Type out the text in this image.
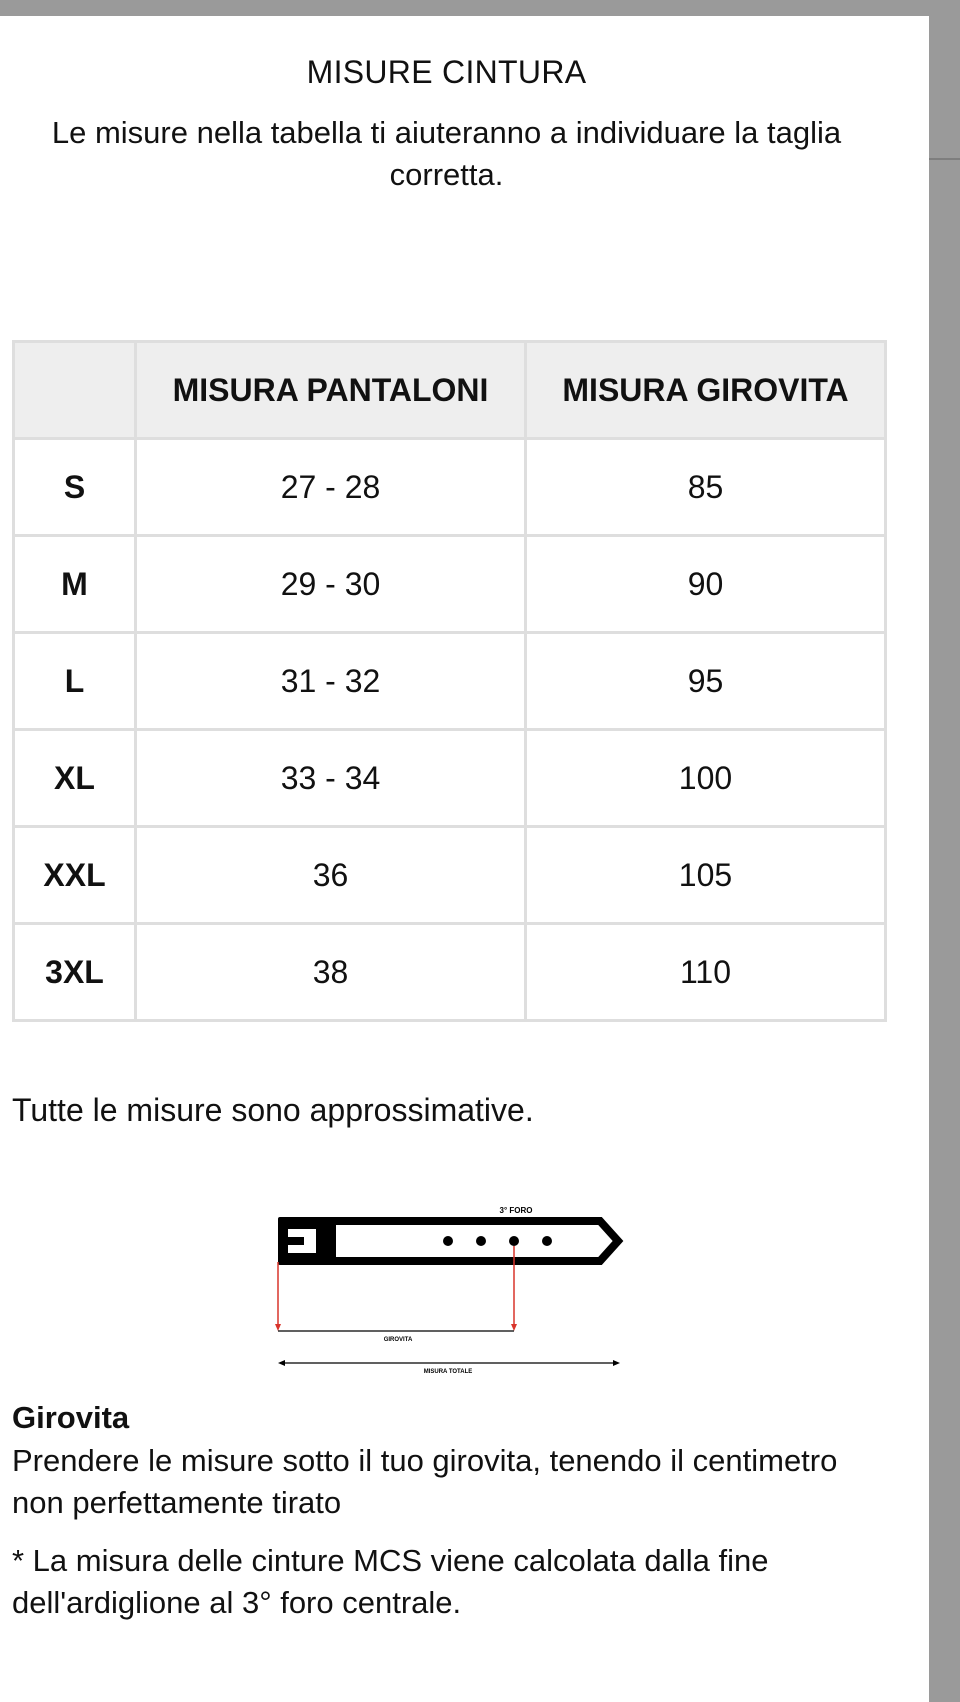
MISURE CINTURA
Le misure nella tabella ti aiuteranno a individuare la taglia corretta.
	MISURA PANTALONI	MISURA GIROVITA
S	27 - 28	85
M	29 - 30	90
L	31 - 32	95
XL	33 - 34	100
XXL	36	105
3XL	38	110
Tutte le misure sono approssimative.
3° FORO
GIROVITA
MISURA TOTALE
Girovita
Prendere le misure sotto il tuo girovita, tenendo il centimetro non perfettamente tirato
* La misura delle cinture MCS viene calcolata dalla fine dell'ardiglione al 3° foro centrale.
